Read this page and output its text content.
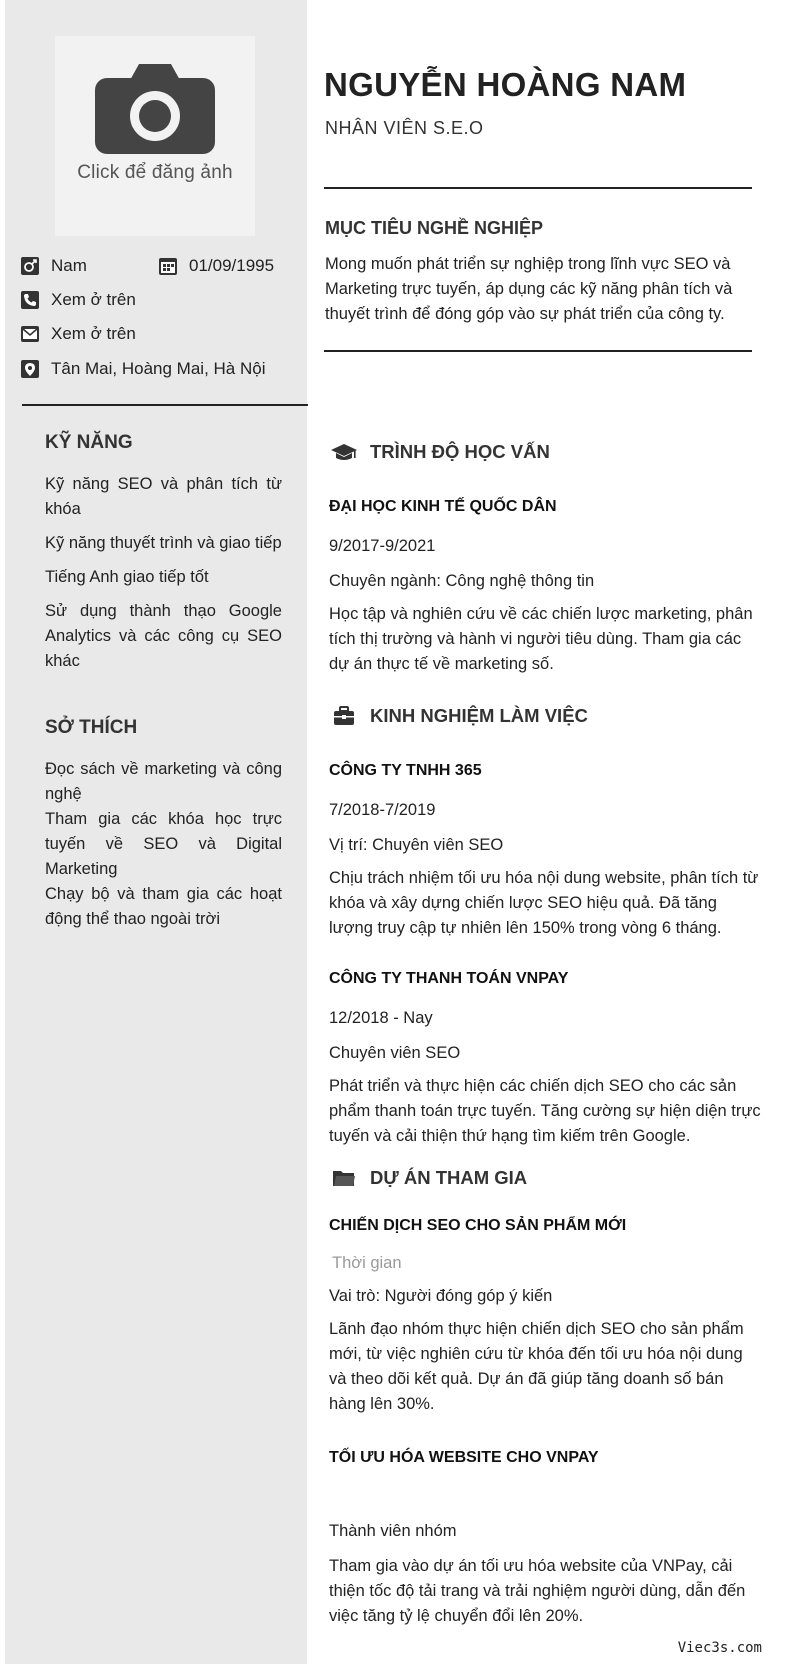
Click để đăng ảnh
Nam	01/09/1995
Xem ở trên
Xem ở trên
Tân Mai, Hoàng Mai, Hà Nội
KỸ NĂNG
Kỹ năng SEO và phân tích từ khóa
Kỹ năng thuyết trình và giao tiếp
Tiếng Anh giao tiếp tốt
Sử dụng thành thạo Google Analytics và các công cụ SEO khác
SỞ THÍCH
Đọc sách về marketing và công nghệ
Tham gia các khóa học trực tuyến về SEO và Digital Marketing
Chạy bộ và tham gia các hoạt động thể thao ngoài trời
NGUYỄN HOÀNG NAM
NHÂN VIÊN S.E.O
MỤC TIÊU NGHỀ NGHIỆP
Mong muốn phát triển sự nghiệp trong lĩnh vực SEO và Marketing trực tuyến, áp dụng các kỹ năng phân tích và thuyết trình để đóng góp vào sự phát triển của công ty.
TRÌNH ĐỘ HỌC VẤN
ĐẠI HỌC KINH TẾ QUỐC DÂN
9/2017-9/2021
Chuyên ngành: Công nghệ thông tin
Học tập và nghiên cứu về các chiến lược marketing, phân tích thị trường và hành vi người tiêu dùng. Tham gia các dự án thực tế về marketing số.
KINH NGHIỆM LÀM VIỆC
CÔNG TY TNHH 365
7/2018-7/2019
Vị trí: Chuyên viên SEO
Chịu trách nhiệm tối ưu hóa nội dung website, phân tích từ khóa và xây dựng chiến lược SEO hiệu quả. Đã tăng lượng truy cập tự nhiên lên 150% trong vòng 6 tháng.
CÔNG TY THANH TOÁN VNPAY
12/2018 - Nay
Chuyên viên SEO
Phát triển và thực hiện các chiến dịch SEO cho các sản phẩm thanh toán trực tuyến. Tăng cường sự hiện diện trực tuyến và cải thiện thứ hạng tìm kiếm trên Google.
DỰ ÁN THAM GIA
CHIẾN DỊCH SEO CHO SẢN PHẨM MỚI
Thời gian
Vai trò: Người đóng góp ý kiến
Lãnh đạo nhóm thực hiện chiến dịch SEO cho sản phẩm mới, từ việc nghiên cứu từ khóa đến tối ưu hóa nội dung và theo dõi kết quả. Dự án đã giúp tăng doanh số bán hàng lên 30%.
TỐI ƯU HÓA WEBSITE CHO VNPAY
Thành viên nhóm
Tham gia vào dự án tối ưu hóa website của VNPay, cải thiện tốc độ tải trang và trải nghiệm người dùng, dẫn đến việc tăng tỷ lệ chuyển đổi lên 20%.
Viec3s.com
